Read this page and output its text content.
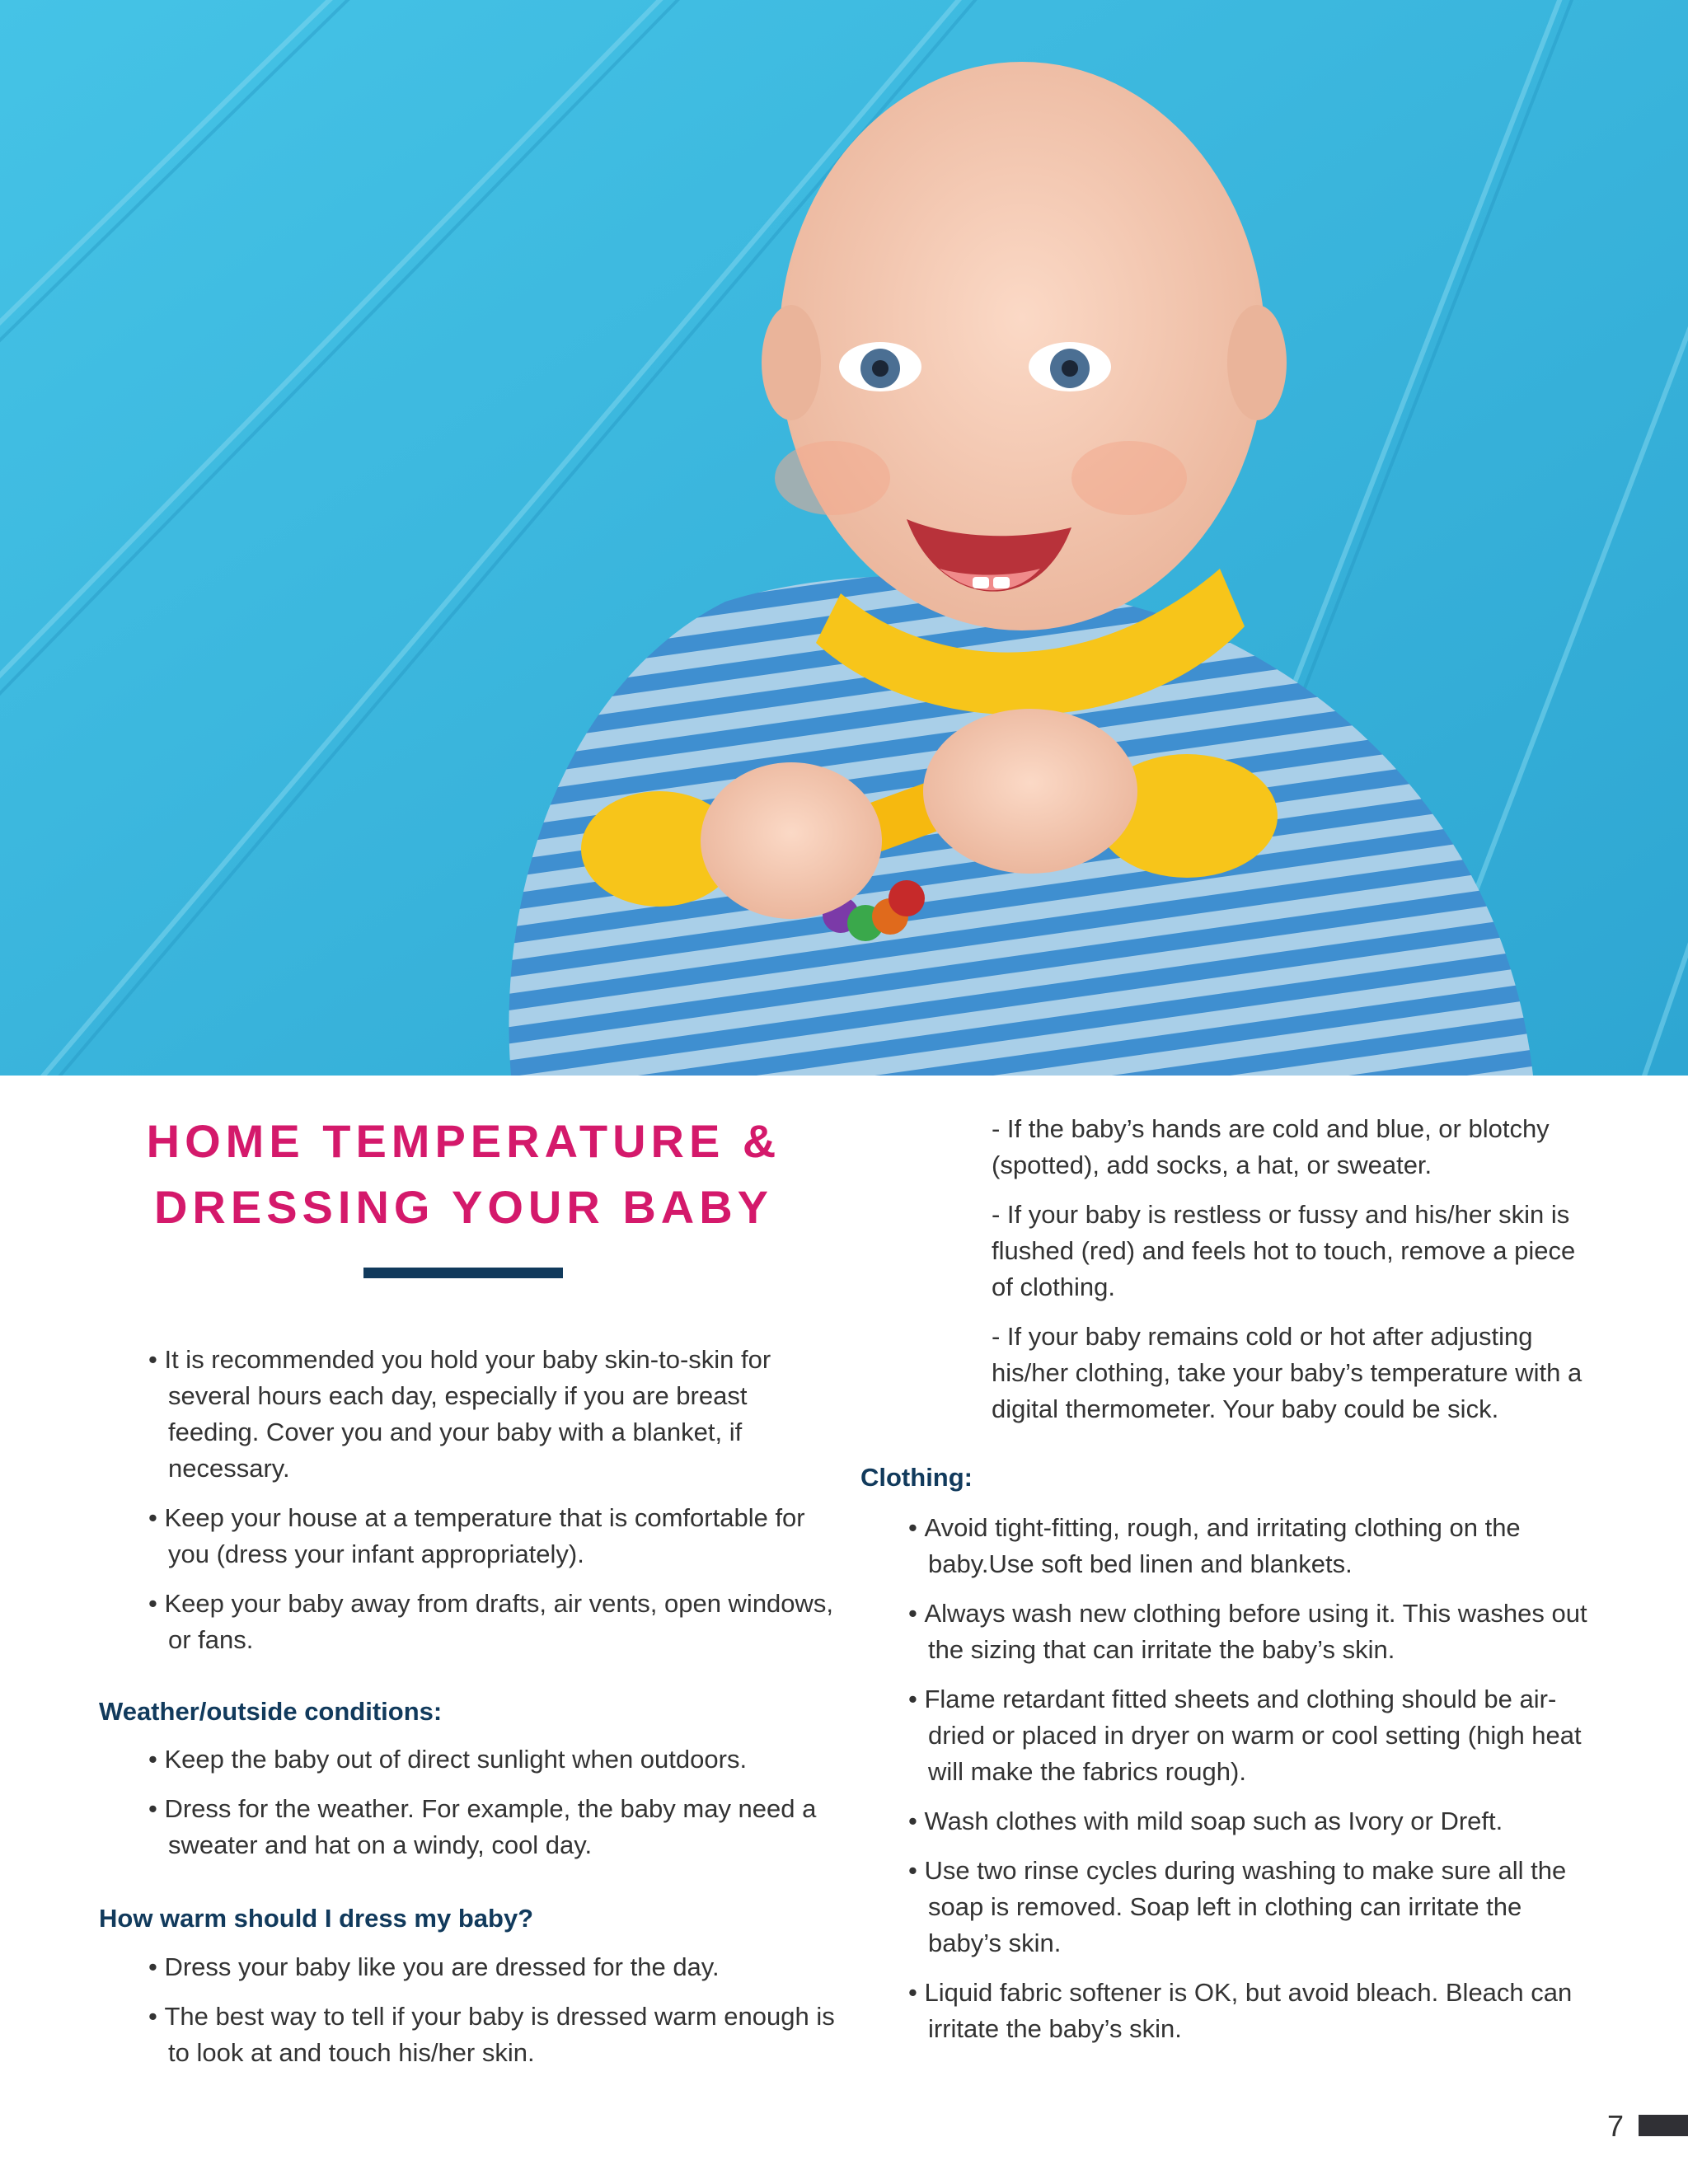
HOME TEMPERATURE &
DRESSING YOUR BABY

• It is recommended you hold your baby skin-to-skin for several hours each day, especially if you are breast feeding. Cover you and your baby with a blanket, if necessary.

• Keep your house at a temperature that is comfortable for you (dress your infant appropriately).

• Keep your baby away from drafts, air vents, open windows, or fans.

Weather/outside conditions:

• Keep the baby out of direct sunlight when outdoors.

• Dress for the weather. For example, the baby may need a sweater and hat on a windy, cool day.

How warm should I dress my baby?

• Dress your baby like you are dressed for the day.

• The best way to tell if your baby is dressed warm enough is to look at and touch his/her skin.

- If the baby’s hands are cold and blue, or blotchy (spotted), add socks, a hat, or sweater.

- If your baby is restless or fussy and his/her skin is flushed (red) and feels hot to touch, remove a piece of clothing.

- If your baby remains cold or hot after adjusting his/her clothing, take your baby’s temperature with a digital thermometer. Your baby could be sick.

Clothing:

• Avoid tight-fitting, rough, and irritating clothing on the baby.Use soft bed linen and blankets.

• Always wash new clothing before using it. This washes out the sizing that can irritate the baby’s skin.

• Flame retardant fitted sheets and clothing should be air-dried or placed in dryer on warm or cool setting (high heat will make the fabrics rough).

• Wash clothes with mild soap such as Ivory or Dreft.

• Use two rinse cycles during washing to make sure all the soap is removed. Soap left in clothing can irritate the baby’s skin.

• Liquid fabric softener is OK, but avoid bleach. Bleach can irritate the baby’s skin.

7
